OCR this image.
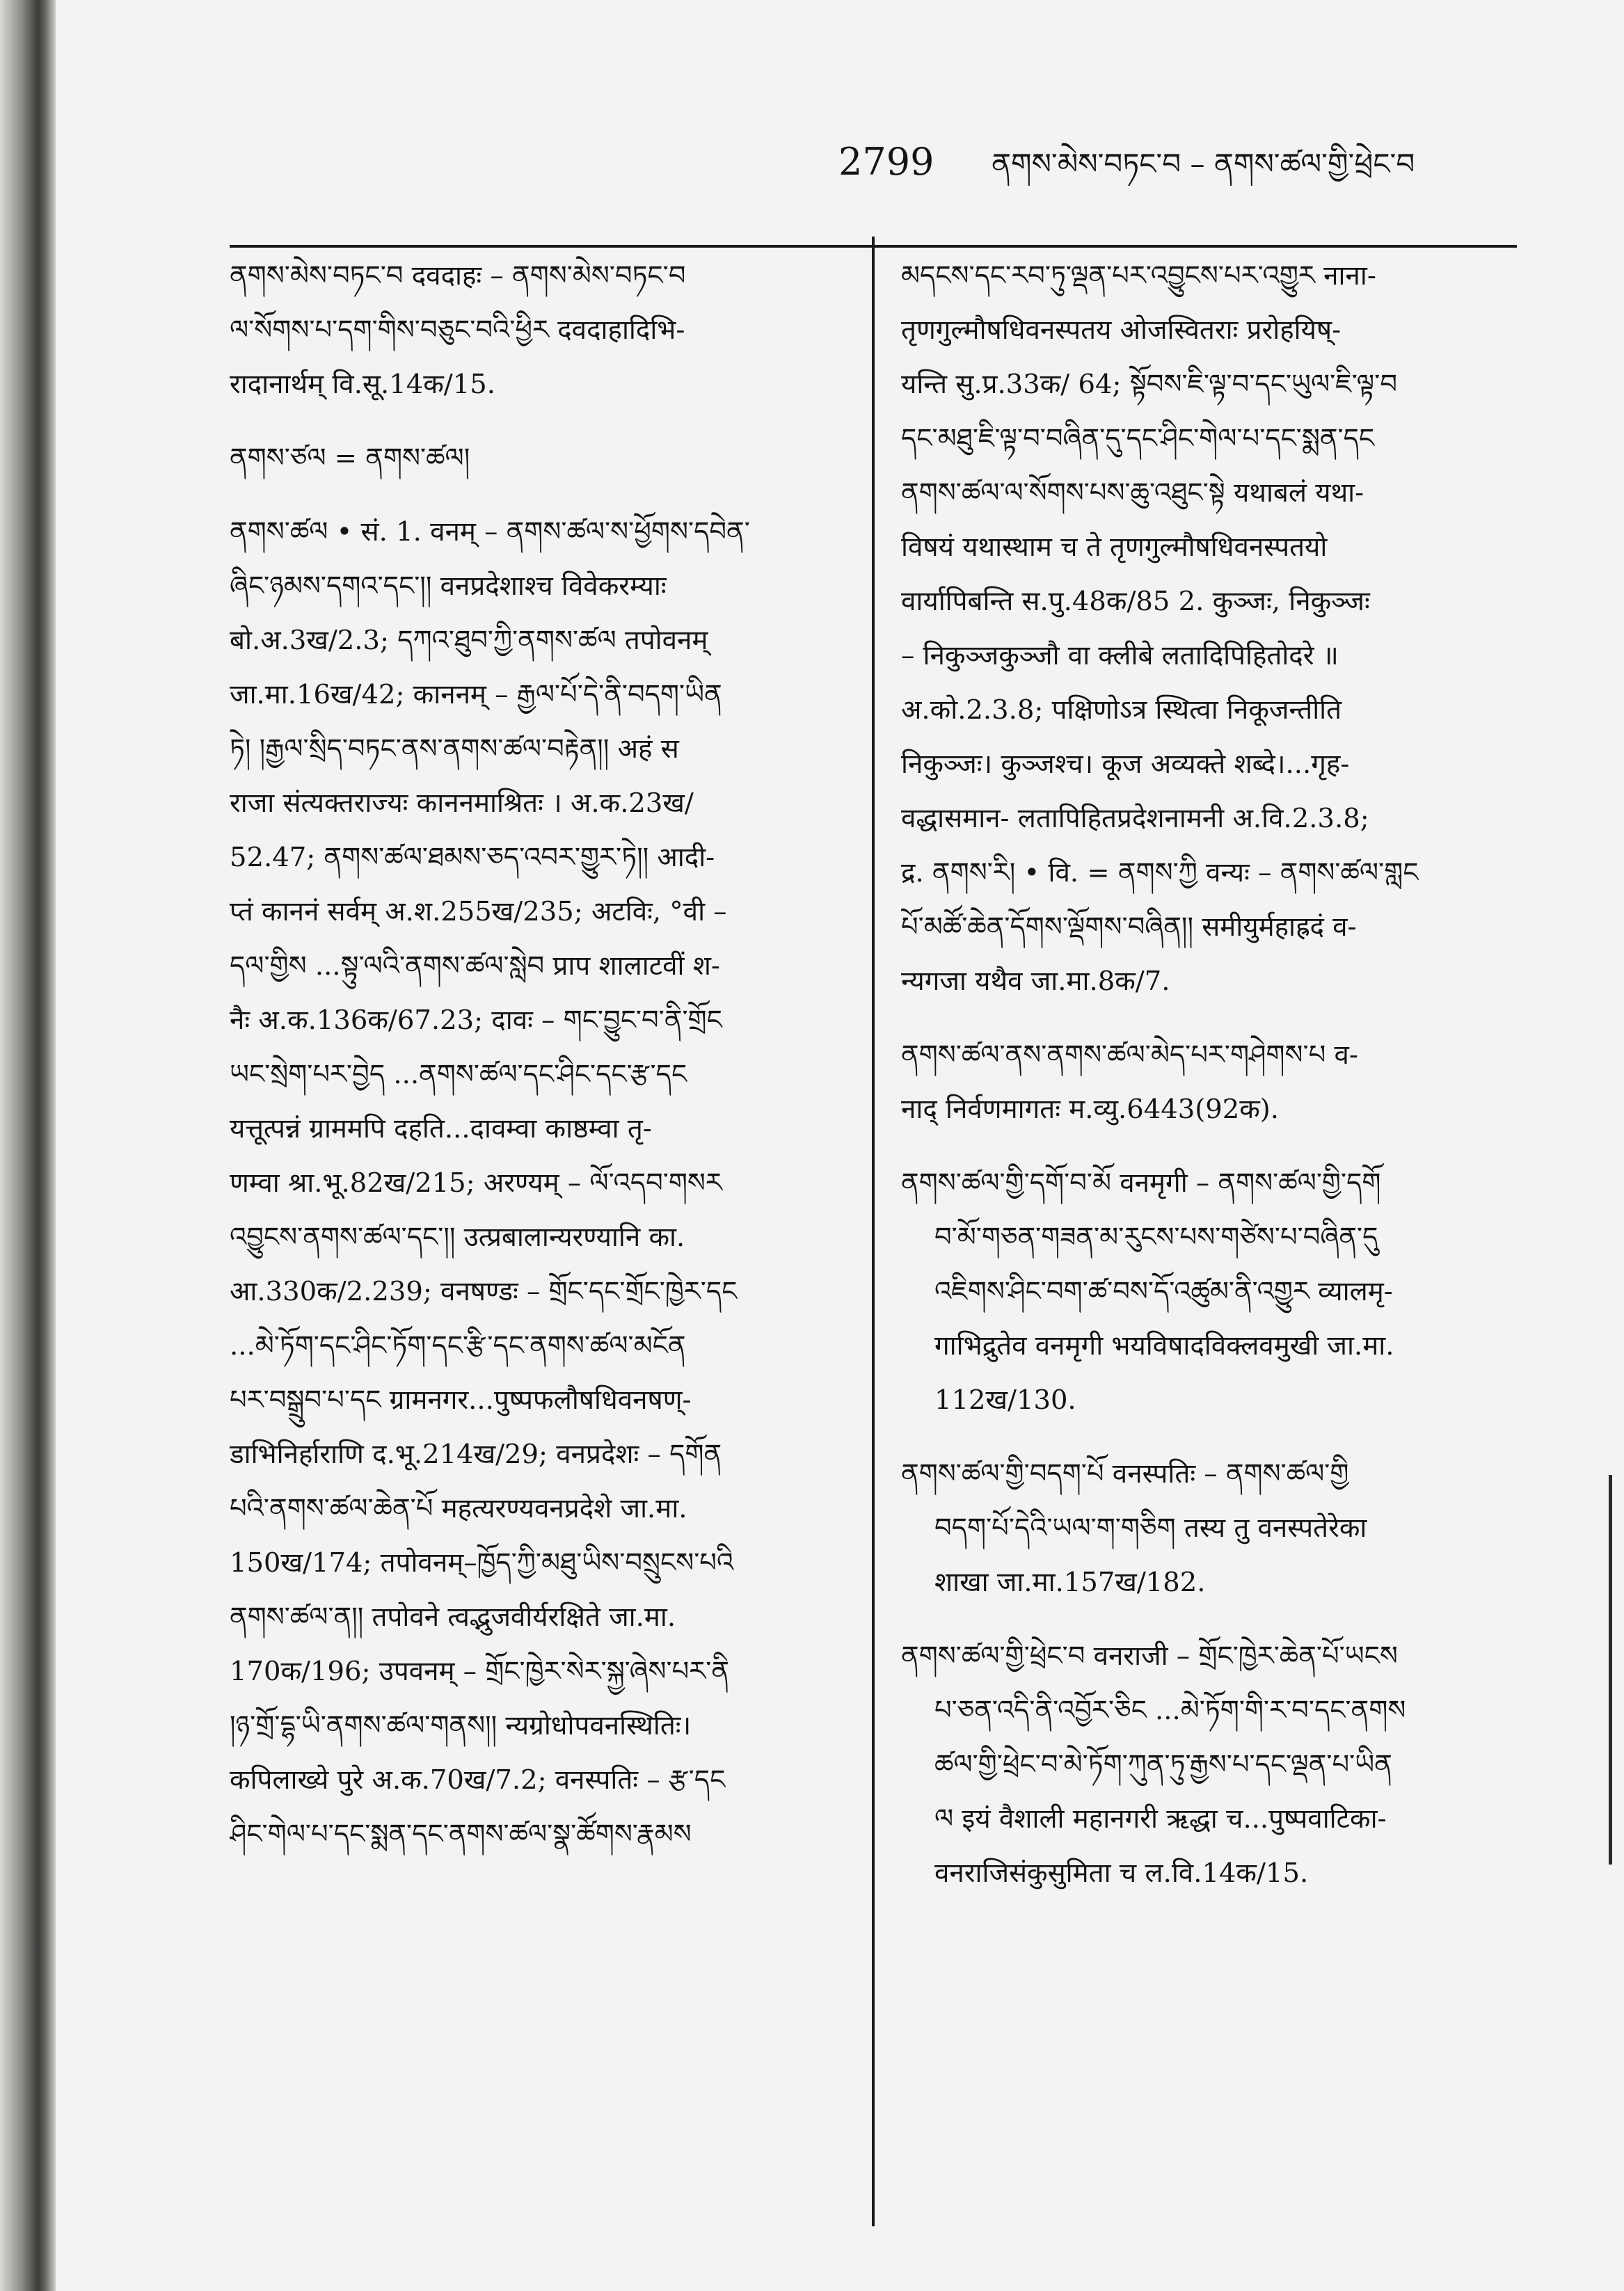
2799 ནགས་མེས་བཏང་བ – ནགས་ཚལ་གྱི་ཕྲེང་བ
ནགས་མེས་བཏང་བ दवदाहः – ནགས་མེས་བཏང་བ
ལ་སོགས་པ་དག་གིས་བཅུང་བའི་ཕྱིར दवदाहादिभि-
रादानार्थम् वि.सू.14क/15.
ནགས་ཙལ = ནགས་ཚལ།
ནགས་ཚལ • सं. 1. वनम् – ནགས་ཚལ་ས་ཕྱོགས་དབེན་
ཞིང་ཉམས་དགའ་དང་།། वनप्रदेशाश्च विवेकरम्याः
बो.अ.3ख/2.3; དཀའ་ཐུབ་ཀྱི་ནགས་ཚལ तपोवनम्
जा.मा.16ख/42; काननम् – རྒྱལ་པོ་དེ་ནི་བདག་ཡིན
ཏེ། །རྒྱལ་སྲིད་བཏང་ནས་ནགས་ཚལ་བརྟེན།། अहं स
राजा संत्यक्तराज्यः काननमाश्रितः । अ.क.23ख/
52.47; ནགས་ཚལ་ཐམས་ཅད་འབར་གྱུར་ཏེ།། आदी-
प्तं काननं सर्वम् अ.श.255ख/235; अटविः, °वी –
དལ་གྱིས ...སྟུ་ལའི་ནགས་ཚལ་སླེབ प्राप शालाटवीं श-
नैः अ.क.136क/67.23; दावः – གང་བྱུང་བ་ནི་གྲོང
ཡང་སྲེག་པར་བྱེད ...ནགས་ཚལ་དང་ཤིང་དང་རྩ་དང
यत्तूत्पन्नं ग्राममपि दहति...दावम्वा काष्ठम्वा तृ-
णम्वा श्रा.भू.82ख/215; अरण्यम् – ལོ་འདབ་གསར
འབྱུངས་ནགས་ཚལ་དང་།། उत्प्रबालान्यरण्यानि का.
आ.330क/2.239; वनषण्डः – གྲོང་དང་གྲོང་ཁྱེར་དང
...མེ་ཏོག་དང་ཤིང་ཏོག་དང་རྩི་དང་ནགས་ཚལ་མངོན
པར་བསྒྲུབ་པ་དང ग्रामनगर...पुष्पफलौषधिवनषण्-
डाभिनिर्हाराणि द.भू.214ख/29; वनप्रदेशः – དགོན
པའི་ནགས་ཚལ་ཆེན་པོ महत्यरण्यवनप्रदेशे जा.मा.
150ख/174; तपोवनम्–ཁྱོད་ཀྱི་མཐུ་ཡིས་བསྲུངས་པའི
ནགས་ཚལ་ན།། तपोवने त्वद्भुजवीर्यरक्षिते जा.मा.
170क/196; उपवनम् – གྲོང་ཁྱེར་སེར་སྐྱ་ཞེས་པར་ནི
།ཉ་གྲོ་དྷ་ཡི་ནགས་ཚལ་གནས།། न्यग्रोधोपवनस्थितिः।
कपिलाख्ये पुरे अ.क.70ख/7.2; वनस्पतिः – རྩ་དང
ཤིང་གེལ་པ་དང་སྨན་དང་ནགས་ཚལ་སྣ་ཚོགས་རྣམས
མདངས་དང་རབ་ཏུ་ལྡན་པར་འབྱུངས་པར་འགྱུར नाना-
तृणगुल्मौषधिवनस्पतय ओजस्वितराः प्ररोहयिष्-
यन्ति सु.प्र.33क/ 64; སྟོབས་ཇི་ལྟ་བ་དང་ཡུལ་ཇི་ལྟ་བ
དང་མཐུ་ཇི་ལྟ་བ་བཞིན་དུ་དང་ཤིང་གེལ་པ་དང་སྨན་དང
ནགས་ཚལ་ལ་སོགས་པས་ཆུ་འཐུང་སྟེ यथाबलं यथा-
विषयं यथास्थाम च ते तृणगुल्मौषधिवनस्पतयो
वार्यापिबन्ति स.पु.48क/85 2. कुञ्जः, निकुञ्जः
– निकुञ्जकुञ्जौ वा क्लीबे लतादिपिहितोदरे ॥
अ.को.2.3.8; पक्षिणोऽत्र स्थित्वा निकूजन्तीति
निकुञ्जः। कुञ्जश्च। कूज अव्यक्ते शब्दे।...गृह-
वद्धासमान- लतापिहितप्रदेशनामनी अ.वि.2.3.8;
द्र. ནགས་རི། • वि. = ནགས་ཀྱི वन्यः – ནགས་ཚལ་གླང
པོ་མཚོ་ཆེན་དོགས་ལྡོགས་བཞིན།། समीयुर्महाह्रदं व-
न्यगजा यथैव जा.मा.8क/7.
ནགས་ཚལ་ནས་ནགས་ཚལ་མེད་པར་གཤེགས་པ व-
नाद् निर्वणमागतः म.व्यु.6443(92क).
ནགས་ཚལ་གྱི་དགོ་བ་མོ वनमृगी – ནགས་ཚལ་གྱི་དགོ
བ་མོ་གཅན་གཟན་མ་རུངས་པས་གཙེས་པ་བཞིན་དུ
འཇིགས་ཤིང་བག་ཚ་བས་དོ་འཚུམ་ནི་འགྱུར व्यालमृ-
गाभिद्रुतेव वनमृगी भयविषादविक्लवमुखी जा.मा.
112ख/130.
ནགས་ཚལ་གྱི་བདག་པོ वनस्पतिः – ནགས་ཚལ་གྱི
བདག་པོ་དེའི་ཡལ་ག་གཅིག तस्य तु वनस्पतेरेका
शाखा जा.मा.157ख/182.
ནགས་ཚལ་གྱི་ཕྲེང་བ वनराजी – གྲོང་ཁྱེར་ཆེན་པོ་ཡངས
པ་ཅན་འདི་ནི་འབྱོར་ཅིང ...མེ་ཏོག་གི་ར་བ་དང་ནགས
ཚལ་གྱི་ཕྲེང་བ་མེ་ཏོག་ཀུན་ཏུ་རྒྱས་པ་དང་ལྡན་པ་ཡིན
ལ इयं वैशाली महानगरी ऋद्धा च...पुष्पवाटिका-
वनराजिसंकुसुमिता च ल.वि.14क/15.
